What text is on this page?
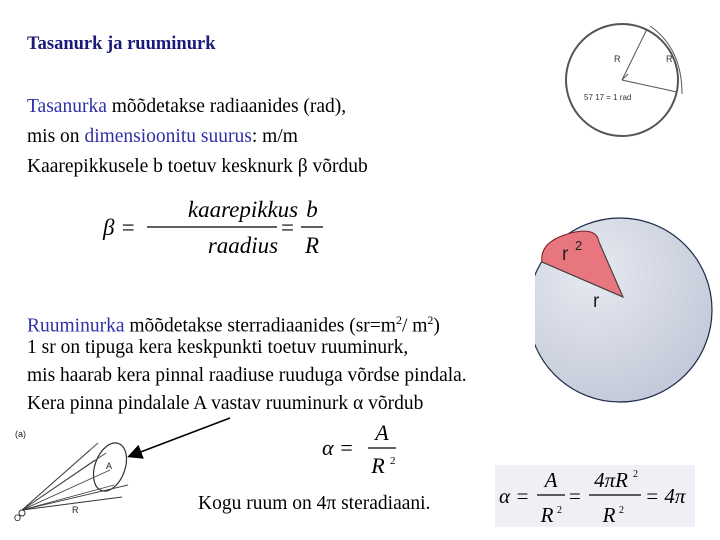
Tasanurk ja ruuminurk
Tasanurka mõõdetakse radiaanides (rad),
mis on dimensioonitu suurus: m/m
Kaarepikkusele b toetuv kesknurk β võrdub
β =
kaarepikkus
raadius
=
b
R
R	R
57 17 = 1 rad
r 2
r
Ruuminurka mõõdetakse sterradiaanides ($sr=m^2/$ $m^2$)
1 sr on tipuga kera keskpunkti toetuv ruuminurk,
mis haarab kera pinnal raadiuse ruuduga võrdse pindala.
Kera pinna pindalale A vastav ruuminurk α võrdub
(a)
A
R
O
α =
A
R 2
Kogu ruum on 4π steradiaani.	α =
A
R 2
=
4πR 2
R 2
= 4π
